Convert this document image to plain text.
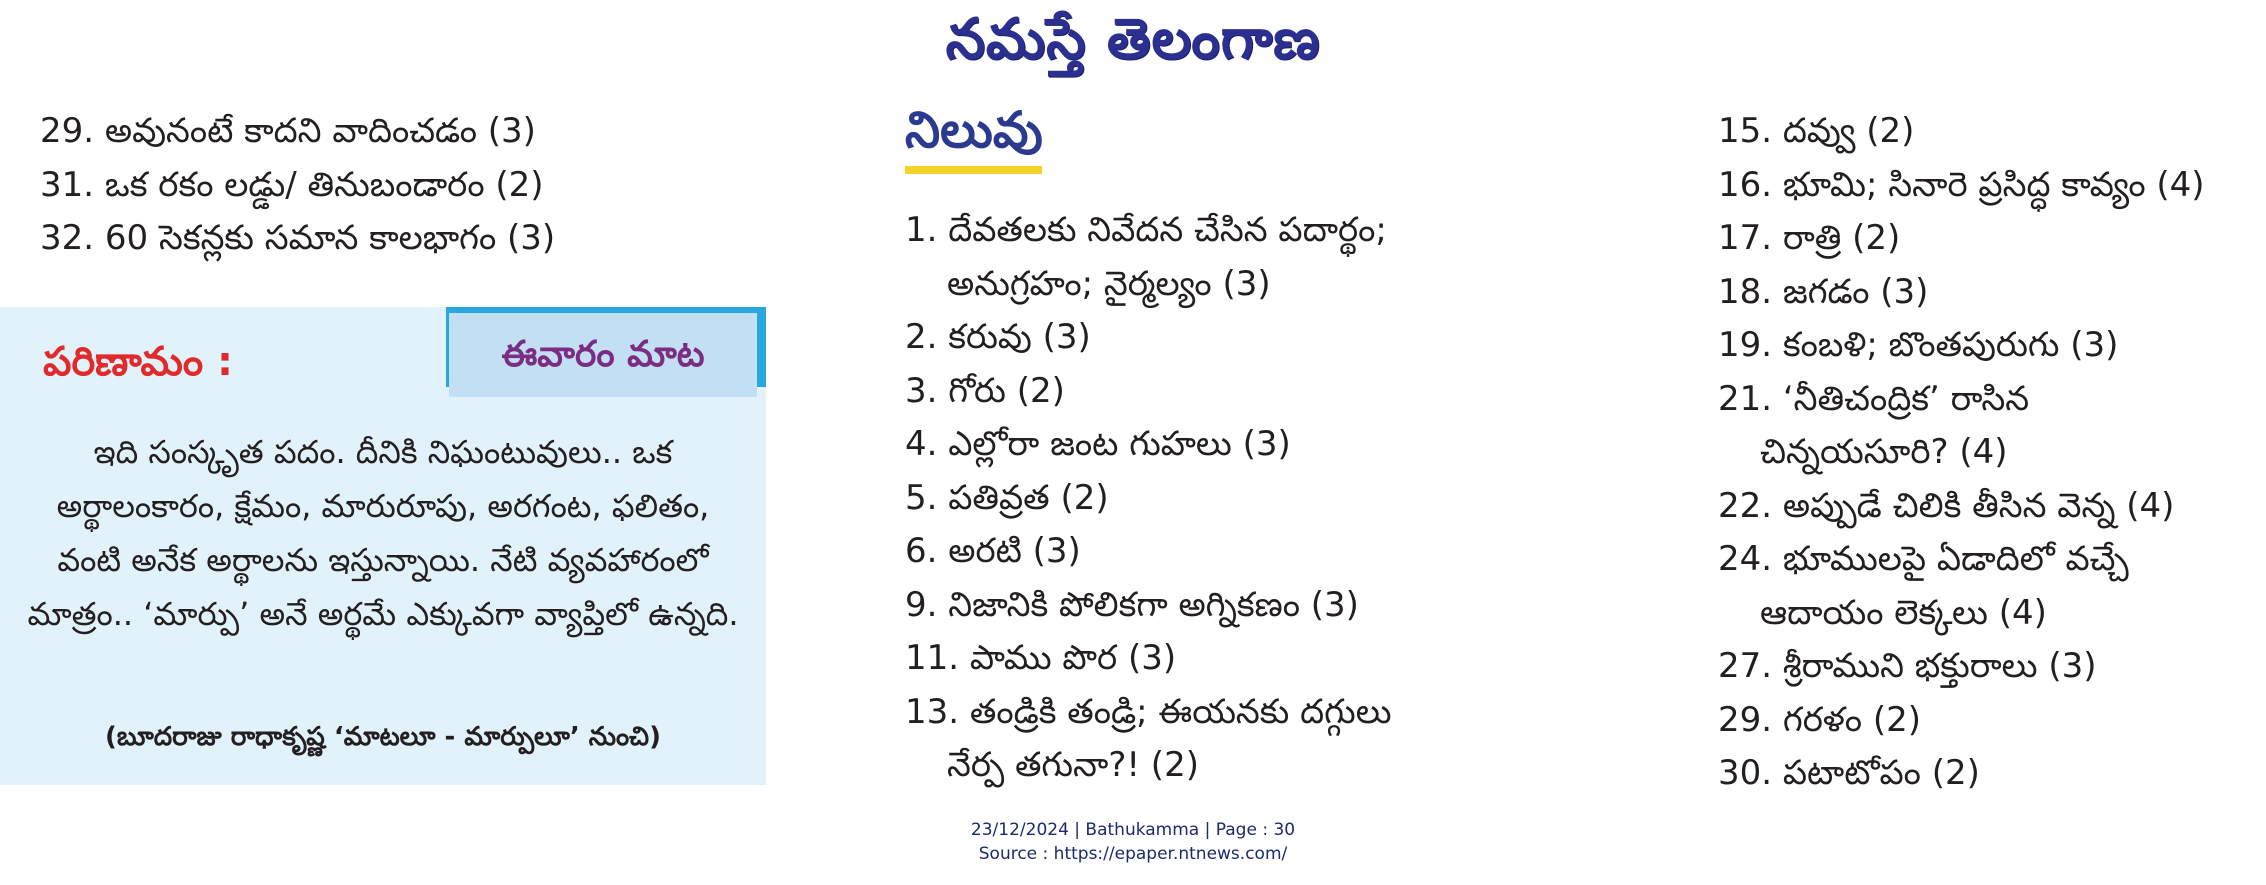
నమస్తే తెలంగాణ
29. అవునంటే కాదని వాదించడం (3)
31. ఒక రకం లడ్డు/ తినుబండారం (2)
32. 60 సెకన్లకు సమాన కాలభాగం (3)
ఈవారం మాట
పరిణామం :
ఇది సంస్కృత పదం. దీనికి నిఘంటువులు.. ఒక అర్థాలంకారం, క్షేమం, మారురూపు, అరగంట, ఫలితం, వంటి అనేక అర్థాలను ఇస్తున్నాయి. నేటి వ్యవహారంలో మాత్రం.. ‘మార్పు’ అనే అర్థమే ఎక్కువగా వ్యాప్తిలో ఉన్నది.
(బూదరాజు రాధాకృష్ణ ‘మాటలూ - మార్పులూ’ నుంచి)
నిలువు
1. దేవతలకు నివేదన చేసిన పదార్థం;
అనుగ్రహం; నైర్మల్యం (3)
2. కరువు (3)
3. గోరు (2)
4. ఎల్లోరా జంట గుహలు (3)
5. పతివ్రత (2)
6. అరటి (3)
9. నిజానికి పోలికగా అగ్నికణం (3)
11. పాము పొర (3)
13. తండ్రికి తండ్రి; ఈయనకు దగ్గులు
నేర్ప తగునా?! (2)
15. దవ్వు (2)
16. భూమి; సినారె ప్రసిద్ధ కావ్యం (4)
17. రాత్రి (2)
18. జగడం (3)
19. కంబళి; బొంతపురుగు (3)
21. ‘నీతిచంద్రిక’ రాసిన
చిన్నయసూరి? (4)
22. అప్పుడే చిలికి తీసిన వెన్న (4)
24. భూములపై ఏడాదిలో వచ్చే
ఆదాయం లెక్కలు (4)
27. శ్రీరాముని భక్తురాలు (3)
29. గరళం (2)
30. పటాటోపం (2)
23/12/2024 | Bathukamma | Page : 30
Source : https://epaper.ntnews.com/
